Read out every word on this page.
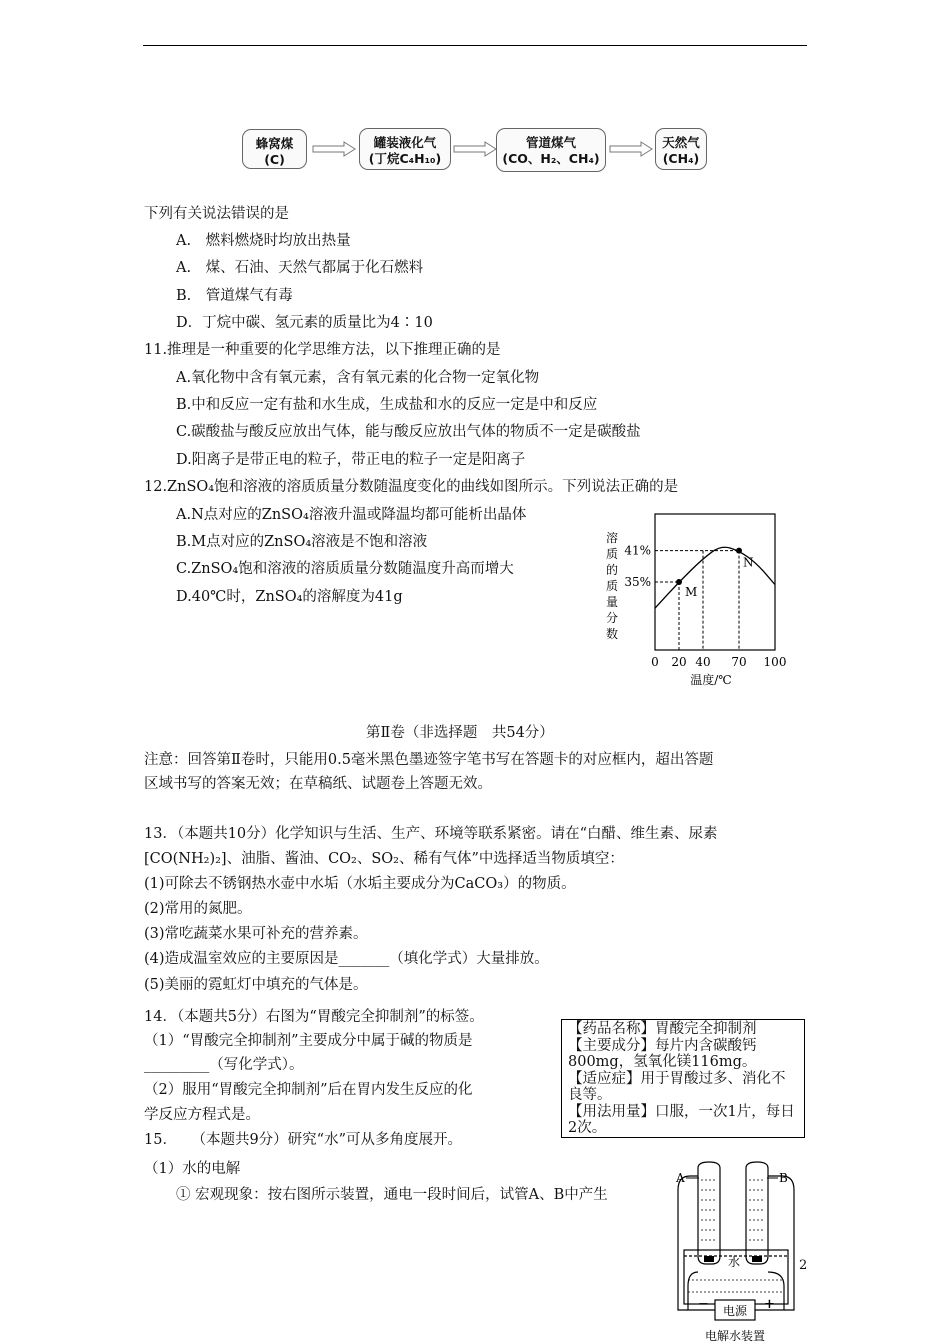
蜂窝煤
(C)
罐装液化气
(丁烷C₄H₁₀)
管道煤气
(CO、H₂、CH₄)
天然气
(CH₄)
下列有关说法错误的是
A.　燃料燃烧时均放出热量
A.　煤、石油、天然气都属于化石燃料
B.　管道煤气有毒
D．丁烷中碳、氢元素的质量比为4∶10
11.推理是一种重要的化学思维方法，以下推理正确的是
A.氧化物中含有氧元素，含有氧元素的化合物一定氧化物
B.中和反应一定有盐和水生成，生成盐和水的反应一定是中和反应
C.碳酸盐与酸反应放出气体，能与酸反应放出气体的物质不一定是碳酸盐
D.阳离子是带正电的粒子，带正电的粒子一定是阳离子
12.ZnSO₄饱和溶液的溶质质量分数随温度变化的曲线如图所示。下列说法正确的是
A.N点对应的ZnSO₄溶液升温或降温均都可能析出晶体
B.M点对应的ZnSO₄溶液是不饱和溶液
C.ZnSO₄饱和溶液的溶质质量分数随温度升高而增大
D.40℃时，ZnSO₄的溶解度为41g
溶
质
的
质
量
分
数
M
N
41%
35%
0 20 40 70 100
温度/℃
第Ⅱ卷（非选择题　共54分）
注意：回答第Ⅱ卷时，只能用0.5毫米黑色墨迹签字笔书写在答题卡的对应框内，超出答题
区域书写的答案无效；在草稿纸、试题卷上答题无效。
13．（本题共10分）化学知识与生活、生产、环境等联系紧密。请在“白醋、维生素、尿素
[CO(NH₂)₂]、油脂、酱油、CO₂、SO₂、稀有气体”中选择适当物质填空：
(1)可除去不锈钢热水壶中水垢（水垢主要成分为CaCO₃）的物质。
(2)常用的氮肥。
(3)常吃蔬菜水果可补充的营养素。
(4)造成温室效应的主要原因是_______（填化学式）大量排放。
(5)美丽的霓虹灯中填充的气体是。
14．（本题共5分）右图为“胃酸完全抑制剂”的标签。
（1）“胃酸完全抑制剂”主要成分中属于碱的物质是
_________（写化学式）。
（2）服用“胃酸完全抑制剂”后在胃内发生反应的化
学反应方程式是。

【药品名称】胃酸完全抑制剂

【主要成分】每片内含碳酸钙800mg，氢氧化镁116mg。

【适应症】用于胃酸过多、消化不良等。

【用法用量】口服，一次1片，每日2次。

15．　　（本题共9分）研究“水”可从多角度展开。
（1）水的电解
① 宏观现象：按右图所示装置，通电一段时间后，试管A、B中产生
A	B
水
电源
−	+
电解水装置
2
